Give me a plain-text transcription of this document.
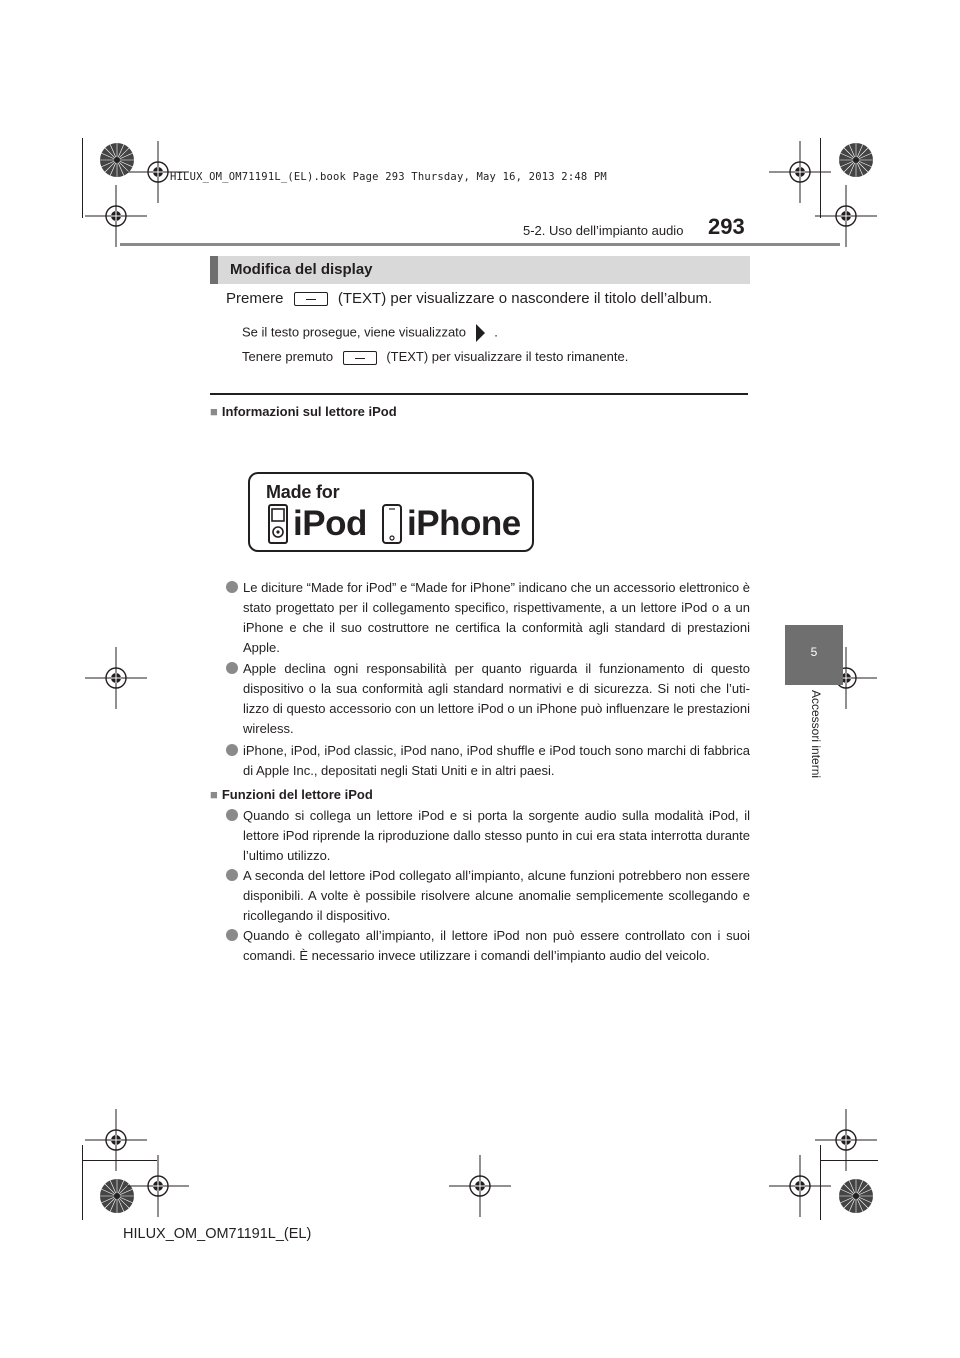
HILUX_OM_OM71191L_(EL).book Page 293 Thursday, May 16, 2013 2:48 PM
293
5-2. Uso dell’impianto audio
5
Accessori interni
Modifica del display
Premere	(TEXT) per visualizzare o nascondere il titolo dell’album.
Se il testo prosegue, viene visualizzato .
Tenere premuto	(TEXT) per visualizzare il testo rimanente.
■ Informazioni sul lettore iPod
Made for
iPod iPhone
Le diciture “Made for iPod” e “Made for iPhone” indicano che un accessorio elettronico è stato progettato per il collegamento specifico, rispettivamente, a un lettore iPod o a un iPhone e che il suo costruttore ne certifica la conformità agli standard di prestazioni Apple.
Apple declina ogni responsabilità per quanto riguarda il funzionamento di questo dispositivo o la sua conformità agli standard normativi e di sicurezza. Si noti che l’utilizzo di questo accessorio con un lettore iPod o un iPhone può influenzare le prestazioni wireless.
iPhone, iPod, iPod classic, iPod nano, iPod shuffle e iPod touch sono marchi di fabbrica di Apple Inc., depositati negli Stati Uniti e in altri paesi.
■ Funzioni del lettore iPod
Quando si collega un lettore iPod e si porta la sorgente audio sulla modalità iPod, il lettore iPod riprende la riproduzione dallo stesso punto in cui era stata interrotta durante l’ultimo utilizzo.
A seconda del lettore iPod collegato all’impianto, alcune funzioni potrebbero non essere disponibili. A volte è possibile risolvere alcune anomalie semplicemente scollegando e ricollegando il dispositivo.
Quando è collegato all’impianto, il lettore iPod non può essere controllato con i suoi comandi. È necessario invece utilizzare i comandi dell’impianto audio del veicolo.
HILUX_OM_OM71191L_(EL)
